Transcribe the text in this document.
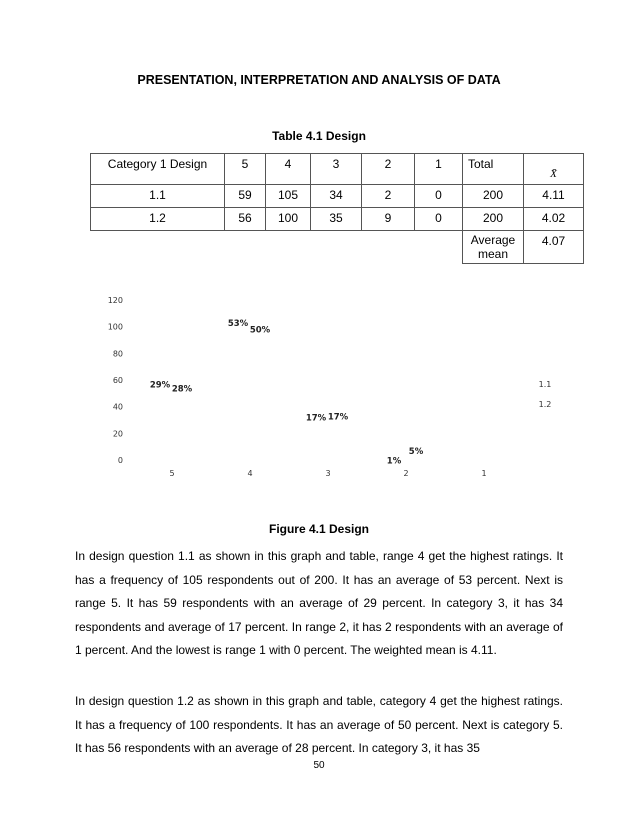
PRESENTATION, INTERPRETATION AND ANALYSIS OF DATA
Table 4.1 Design
Category 1 Design	5	4	3	2	1	Total	X̄
1.1	59	105	34	2	0	200	4.11
1.2	56	100	35	9	0	200	4.02
						Average mean	4.07
0
20
40
60
80
100
120
5	4	3	2	1
29%
53%
17%
1%
28%
50%
17%
5%
1.1
1.2
Figure 4.1 Design

In design question 1.1 as shown in this graph and table, range 4 get the highest ratings. It has a frequency of 105 respondents out of 200. It has an average of 53 percent. Next is range 5. It has 59 respondents with an average of 29 percent. In category 3, it has 34 respondents and average of 17 percent. In range 2, it has 2 respondents with an average of 1 percent. And the lowest is range 1 with 0 percent. The weighted mean is 4.11.

In design question 1.2 as shown in this graph and table, category 4 get the highest ratings. It has a frequency of 100 respondents. It has an average of 50 percent. Next is category 5. It has 56 respondents with an average of 28 percent. In category 3, it has 35

50
